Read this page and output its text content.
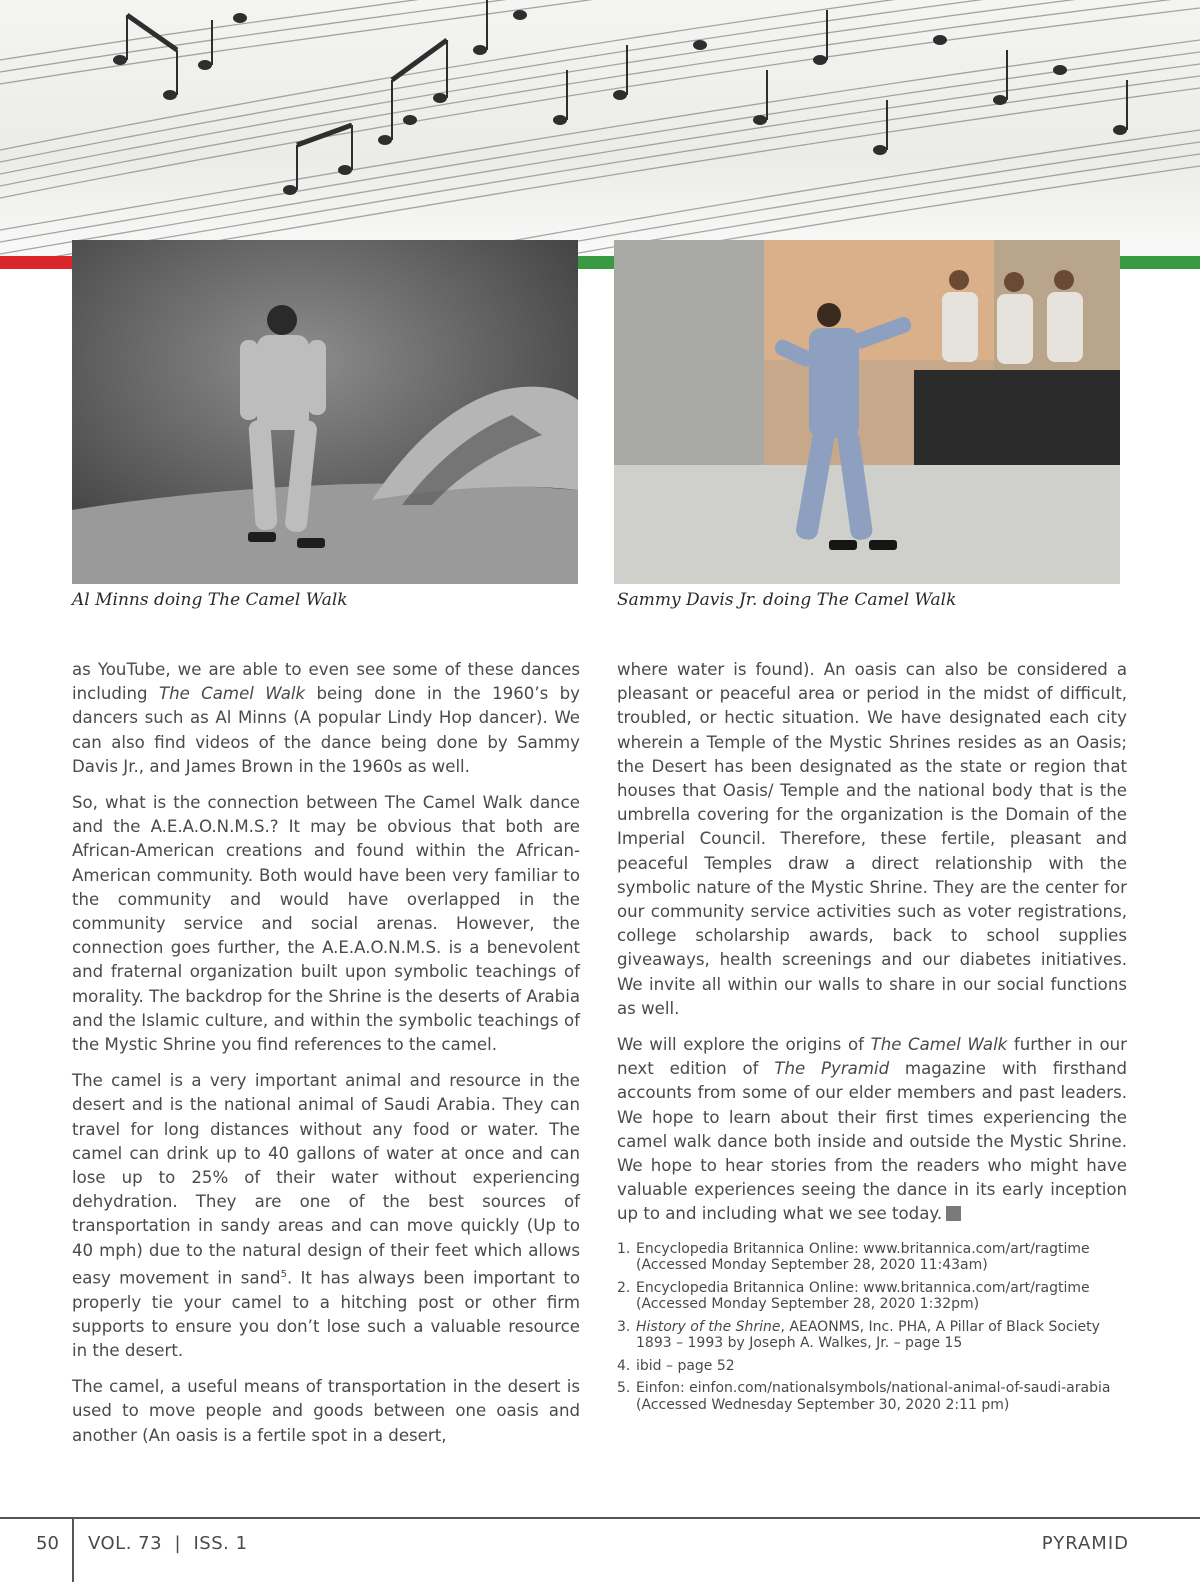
Al Minns doing The Camel Walk	Sammy Davis Jr. doing The Camel Walk

as YouTube, we are able to even see some of these dances including The Camel Walk being done in the 1960’s by dancers such as Al Minns (A popular Lindy Hop dancer). We can also find videos of the dance being done by Sammy Davis Jr., and James Brown in the 1960s as well.

So, what is the connection between The Camel Walk dance and the A.E.A.O.N.M.S.? It may be obvious that both are African-American creations and found within the African-American community. Both would have been very familiar to the community and would have overlapped in the community service and social arenas. However, the connection goes further, the A.E.A.O.N.M.S. is a benevolent and fraternal organization built upon symbolic teachings of morality. The backdrop for the Shrine is the deserts of Arabia and the Islamic culture, and within the symbolic teachings of the Mystic Shrine you find references to the camel.

The camel is a very important animal and resource in the desert and is the national animal of Saudi Arabia. They can travel for long distances without any food or water. The camel can drink up to 40 gallons of water at once and can lose up to 25% of their water without experiencing dehydration. They are one of the best sources of transportation in sandy areas and can move quickly (Up to 40 mph) due to the natural design of their feet which allows easy movement in sand$^5$. It has always been important to properly tie your camel to a hitching post or other firm supports to ensure you don’t lose such a valuable resource in the desert.

The camel, a useful means of transportation in the desert is used to move people and goods between one oasis and another (An oasis is a fertile spot in a desert,

where water is found). An oasis can also be considered a pleasant or peaceful area or period in the midst of difficult, troubled, or hectic situation. We have designated each city wherein a Temple of the Mystic Shrines resides as an Oasis; the Desert has been designated as the state or region that houses that Oasis/ Temple and the national body that is the umbrella covering for the organization is the Domain of the Imperial Council. Therefore, these fertile, pleasant and peaceful Temples draw a direct relationship with the symbolic nature of the Mystic Shrine. They are the center for our community service activities such as voter registrations, college scholarship awards, back to school supplies giveaways, health screenings and our diabetes initiatives. We invite all within our walls to share in our social functions as well.

We will explore the origins of The Camel Walk further in our next edition of The Pyramid magazine with firsthand accounts from some of our elder members and past leaders. We hope to learn about their first times experiencing the camel walk dance both inside and outside the Mystic Shrine. We hope to hear stories from the readers who might have valuable experiences seeing the dance in its early inception up to and including what we see today.

1. Encyclopedia Britannica Online: www.britannica.com/art/ragtime
(Accessed Monday September 28, 2020 11:43am)
2. Encyclopedia Britannica Online: www.britannica.com/art/ragtime
(Accessed Monday September 28, 2020 1:32pm)
3. History of the Shrine, AEAONMS, Inc. PHA, A Pillar of Black Society
1893 – 1993 by Joseph A. Walkes, Jr. – page 15
4. ibid – page 52
5. Einfon: einfon.com/nationalsymbols/national-animal-of-saudi-arabia
(Accessed Wednesday September 30, 2020 2:11 pm)
50 VOL. 73  |  ISS. 1	PYRAMID
